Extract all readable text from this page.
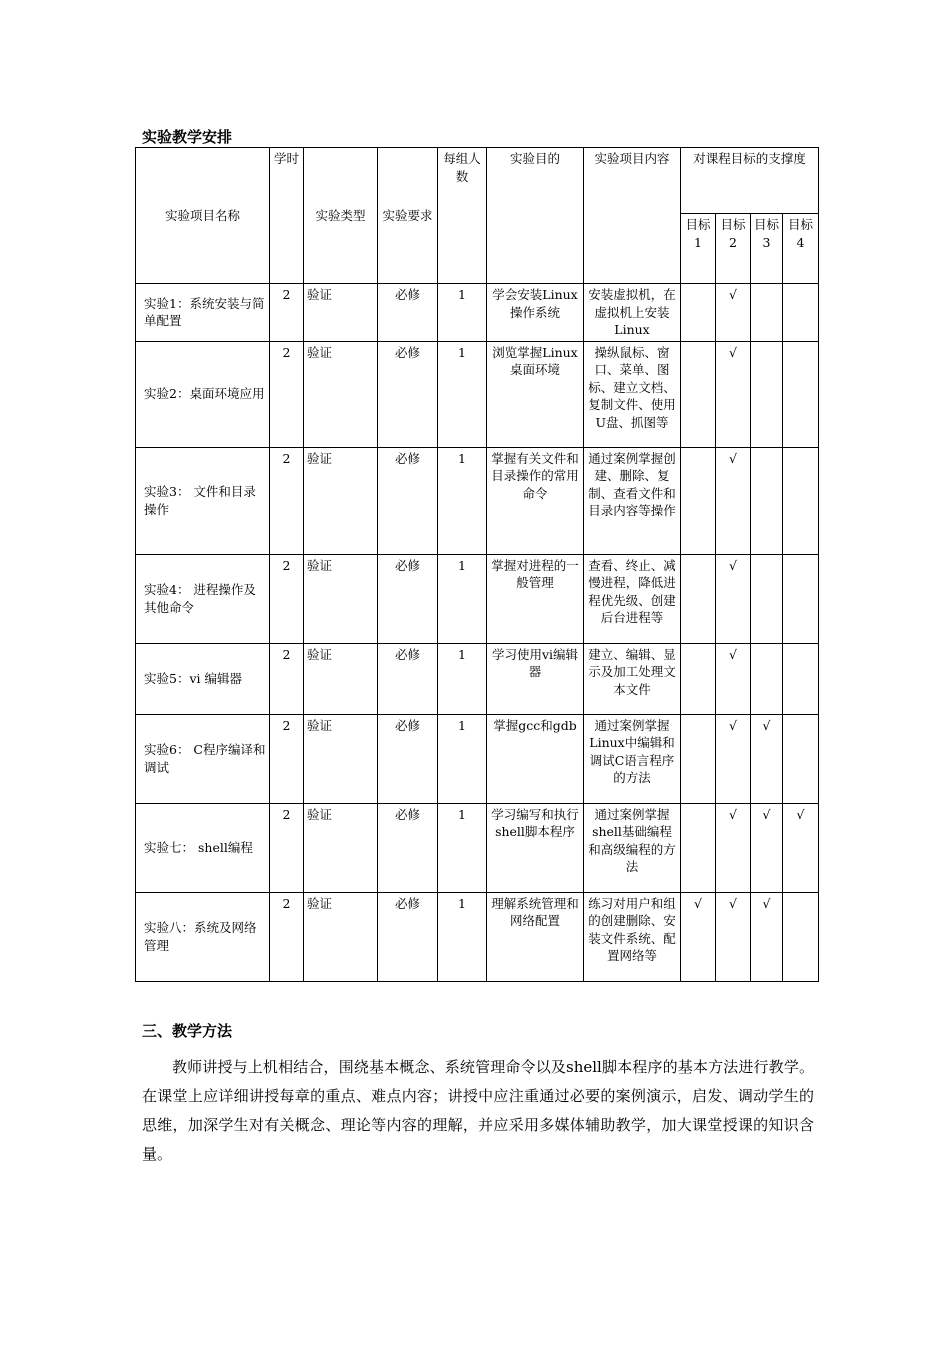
实验教学安排
实验项目名称	学时	实验类型	实验要求	每组人数	实验目的	实验项目内容	对课程目标的支撑度			
							目标1	目标2	目标3	目标4
实验1：系统安装与简单配置	2	验证	必修	1	学会安装Linux操作系统	安装虚拟机，在虚拟机上安装Linux		√		
实验2：桌面环境应用	2	验证	必修	1	浏览掌握Linux桌面环境	操纵鼠标、窗口、菜单、图标、建立文档、复制文件、使用U盘、抓图等		√		
实验3： 文件和目录操作	2	验证	必修	1	掌握有关文件和目录操作的常用命令	通过案例掌握创建、删除、复制、查看文件和目录内容等操作		√		
实验4： 进程操作及其他命令	2	验证	必修	1	掌握对进程的一般管理	查看、终止、减慢进程，降低进程优先级、创建后台进程等		√		
实验5：vi 编辑器	2	验证	必修	1	学习使用vi编辑器	建立、编辑、显示及加工处理文本文件		√		
实验6： C程序编译和调试	2	验证	必修	1	掌握gcc和gdb	通过案例掌握Linux中编辑和调试C语言程序的方法		√	√	
实验七： shell编程	2	验证	必修	1	学习编写和执行shell脚本程序	通过案例掌握shell基础编程和高级编程的方法		√	√	√
实验八：系统及网络管理	2	验证	必修	1	理解系统管理和网络配置	练习对用户和组的创建删除、安装文件系统、配置网络等	√	√	√	
三、教学方法
教师讲授与上机相结合，围绕基本概念、系统管理命令以及shell脚本程序的基本方法进行教学。在课堂上应详细讲授每章的重点、难点内容；讲授中应注重通过必要的案例演示，启发、调动学生的思维，加深学生对有关概念、理论等内容的理解，并应采用多媒体辅助教学，加大课堂授课的知识含量。
